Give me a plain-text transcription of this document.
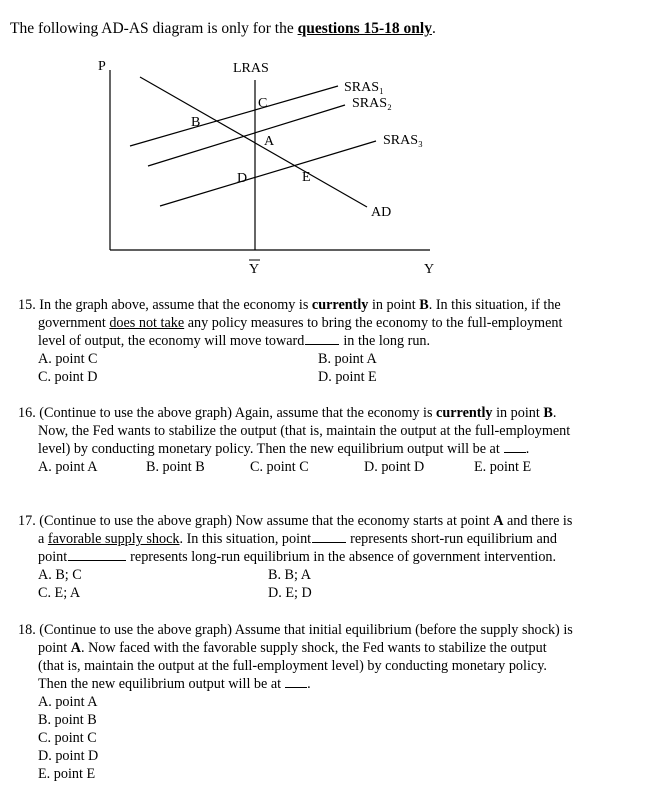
The following AD-AS diagram is only for the questions 15-18 only.
P
Y
Y
LRAS
SRAS₁
SRAS₂
SRAS₃
AD
B
C
A
D	E
15. In the graph above, assume that the economy is currently in point B. In this situation, if the
government does not take any policy measures to bring the economy to the full-employment
level of output, the economy will move toward	in the long run.
A. point C	B. point A
C. point D	D. point E
16. (Continue to use the above graph) Again, assume that the economy is currently in point B.
Now, the Fed wants to stabilize the output (that is, maintain the output at the full-employment
level) by conducting monetary policy. Then the new equilibrium output will be at .
A. point A	B. point B	C. point C	D. point D	E. point E
17. (Continue to use the above graph) Now assume that the economy starts at point A and there is
a favorable supply shock. In this situation, point	represents short-run equilibrium and
point	represents long-run equilibrium in the absence of government intervention.
A. B; C	B. B; A
C. E; A	D. E; D
18. (Continue to use the above graph) Assume that initial equilibrium (before the supply shock) is
point A. Now faced with the favorable supply shock, the Fed wants to stabilize the output
(that is, maintain the output at the full-employment level) by conducting monetary policy.
Then the new equilibrium output will be at .
A. point A
B. point B
C. point C
D. point D
E. point E
